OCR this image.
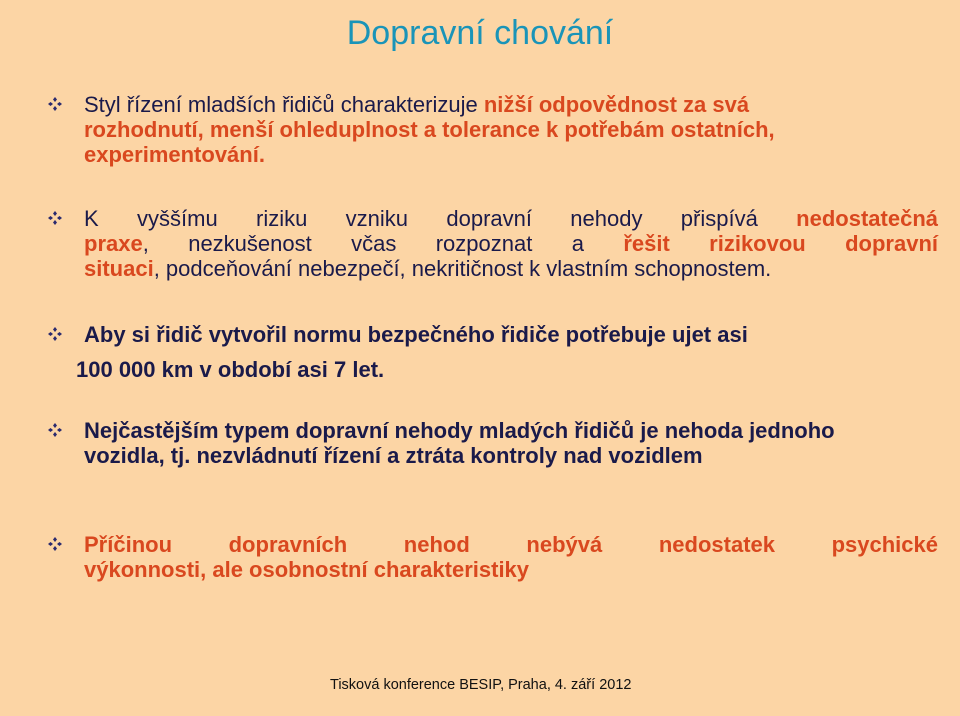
Dopravní chování
Styl řízení mladších řidičů charakterizuje nižší odpovědnost za svá
rozhodnutí, menší ohleduplnost a tolerance k potřebám ostatních, experimentování.
K vyššímu riziku vzniku dopravní nehody přispívá nedostatečná
praxe, nezkušenost včas rozpoznat a řešit rizikovou dopravní
situaci, podceňování nebezpečí, nekritičnost k vlastním schopnostem.
Aby si řidič vytvořil normu bezpečného řidiče potřebuje ujet asi
100 000 km v období asi 7 let.
Nejčastějším typem dopravní nehody mladých řidičů je nehoda jednoho vozidla, tj. nezvládnutí řízení a ztráta kontroly nad vozidlem
Příčinou dopravních nehod nebývá nedostatek psychické
výkonnosti, ale osobnostní charakteristiky
Tisková konference BESIP, Praha, 4. září 2012
